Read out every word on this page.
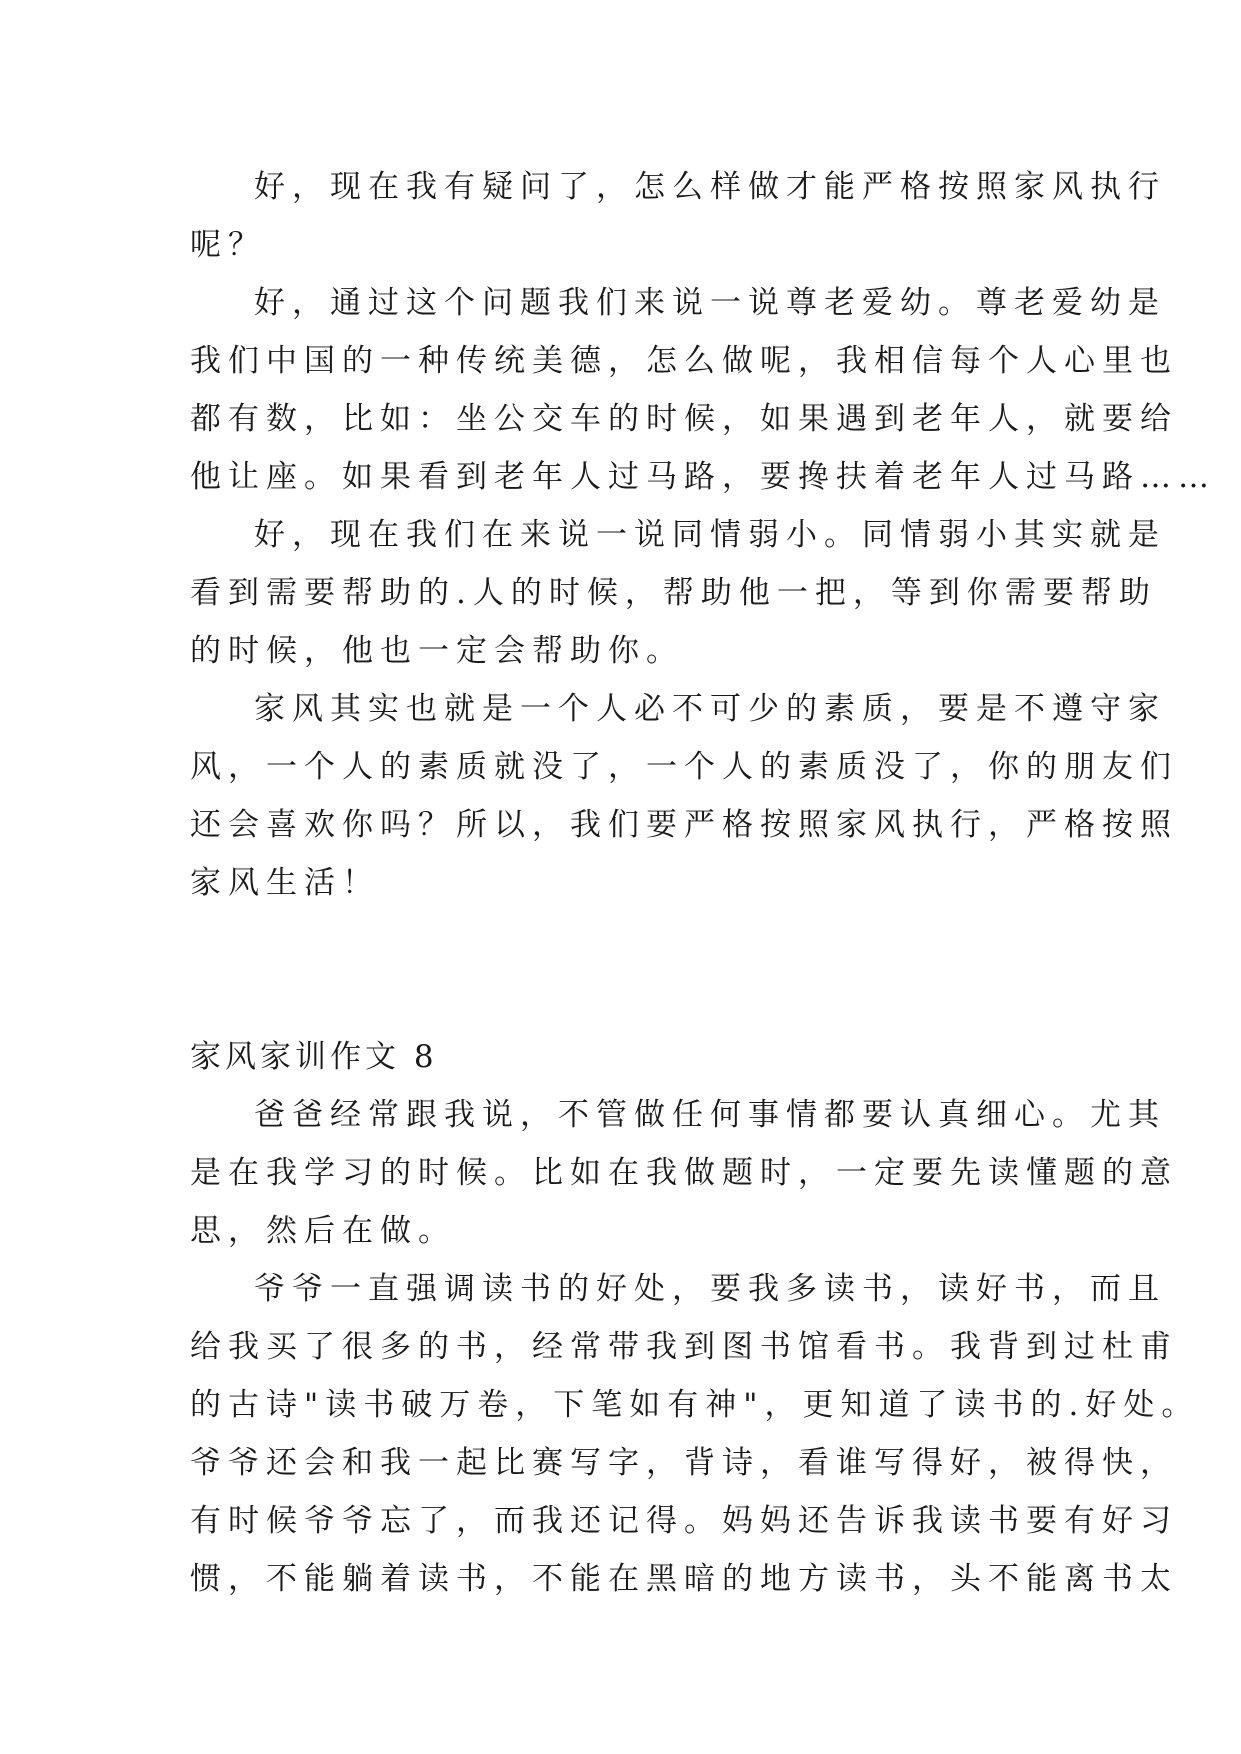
好，现在我有疑问了，怎么样做才能严格按照家风执行
呢？
好，通过这个问题我们来说一说尊老爱幼。尊老爱幼是
我们中国的一种传统美德，怎么做呢，我相信每个人心里也
都有数，比如：坐公交车的时候，如果遇到老年人，就要给
他让座。如果看到老年人过马路，要搀扶着老年人过马路……
好，现在我们在来说一说同情弱小。同情弱小其实就是
看到需要帮助的.人的时候，帮助他一把，等到你需要帮助
的时候，他也一定会帮助你。
家风其实也就是一个人必不可少的素质，要是不遵守家
风，一个人的素质就没了，一个人的素质没了，你的朋友们
还会喜欢你吗？所以，我们要严格按照家风执行，严格按照
家风生活！
家风家训作文 8
爸爸经常跟我说，不管做任何事情都要认真细心。尤其
是在我学习的时候。比如在我做题时，一定要先读懂题的意
思，然后在做。
爷爷一直强调读书的好处，要我多读书，读好书，而且
给我买了很多的书，经常带我到图书馆看书。我背到过杜甫
的古诗"读书破万卷，下笔如有神"，更知道了读书的.好处。
爷爷还会和我一起比赛写字，背诗，看谁写得好，被得快，
有时候爷爷忘了，而我还记得。妈妈还告诉我读书要有好习
惯，不能躺着读书，不能在黑暗的地方读书，头不能离书太
